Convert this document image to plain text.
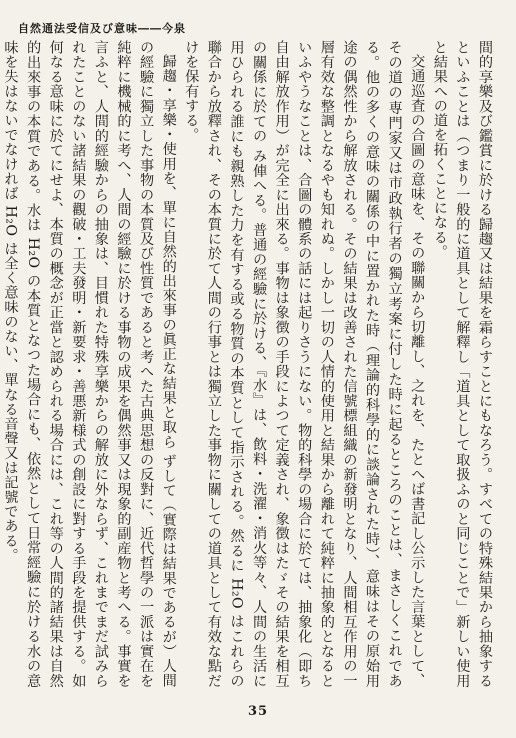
自然通法受信及び意味――今泉

間的享樂及び鑑賞に於ける歸趨又は結果を霜らすことにもなろう。すべての特殊結果から抽象するといふことは（つまり一般的に道具として解釋し「道具として取扱ふのと同じことで」新しい使用と結果への道を拓くことになる。

交通巡査の合圖の意味を、その聯關から切離し、之れを、たとへば書記し公示した言葉として、その道の専門家又は市政執行者の獨立考案に付した時に起るところのことは、まさしくこれである。他の多くの意味の關係の中に置かれた時（理論的科學的に談論された時）、意味はその原始用途の偶然性から解放される。その結果は改善された信號標組織の新發明となり、人間相互作用の一層有效な整調となるやも知れぬ。しかし一切の人情的使用と結果から離れて純粹に抽象的となるといふやうなことは、合圖の體系の話には起りさうにない。物的科學の場合に於ては、抽象化（即ち自由解放作用）が完全に出來る。事物は象徴の手段によつて定義され、象徴はたゞその結果を相互の關係に於ての み俥へる。普通の經驗に於ける、『水』は、飲料・洗濯・消火等々、人間の生活に用ひられる誰にも親熟した力を有する或る物質の本質として指示される。然るに H₂O はこれらの聯合から放釋され、その本質に於て人間の行事とは獨立した事物に關しての道具として有效な點だけを保有する。

歸趨・享樂・使用を、單に自然的出來事の眞正な結果と取ら ずして（實際は結果であるが）人間の經驗に獨立した事物の本質及び性質であると考へた古典思想の反對に、近代哲學の一派は實在を純粹に機械的に考へ、人間の經驗に於ける事物の成果を偶然事又は現象的副産物と考へる。事實を言ふと、人間的經驗からの抽象は、目慣れた特殊享樂からの解放に外ならず、これまでまだ試みられたことのない諸結果の觀破・工夫發明・新要求・善悪新様式の創設に對する手段を提供する。如何なる意味に於てにせよ、本質の概念が正當と認められる場合には、これ等の人間的諸結果は自然的出來事の本質である。水は H₂O の本質となつた場合にも、依然として日常經驗に於ける水の意味を失はないでなければ H₂O は全く意味のない、單なる音聲又は記號である。

35
